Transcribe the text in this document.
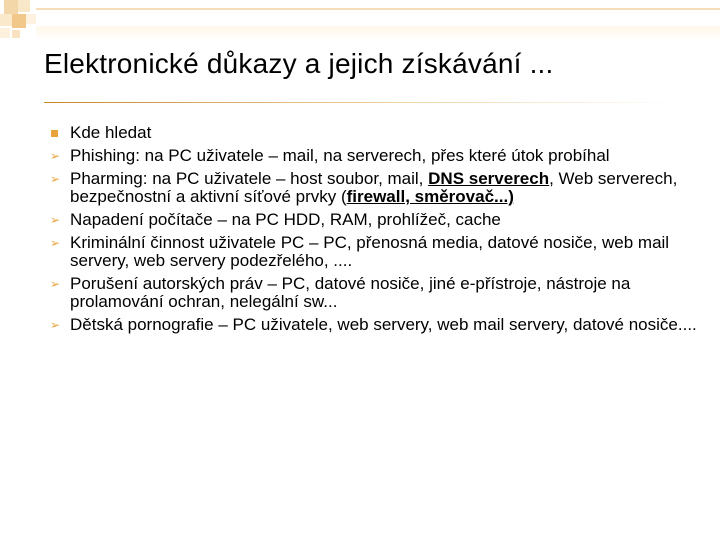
Elektronické důkazy a jejich získávání ...
Kde hledat
➢ Phishing: na PC uživatele – mail, na serverech, přes které útok probíhal
➢ Pharming: na PC uživatele – host soubor, mail, DNS serverech, Web serverech, bezpečnostní a aktivní síťové prvky (firewall, směrovač...)
➢ Napadení počítače – na PC HDD, RAM, prohlížeč, cache
➢ Kriminální činnost uživatele PC – PC, přenosná media, datové nosiče, web mail servery, web servery podezřelého, ....
➢ Porušení autorských práv – PC, datové nosiče, jiné e-přístroje, nástroje na prolamování ochran, nelegální sw...
➢ Dětská pornografie – PC uživatele, web servery, web mail servery, datové nosiče....
